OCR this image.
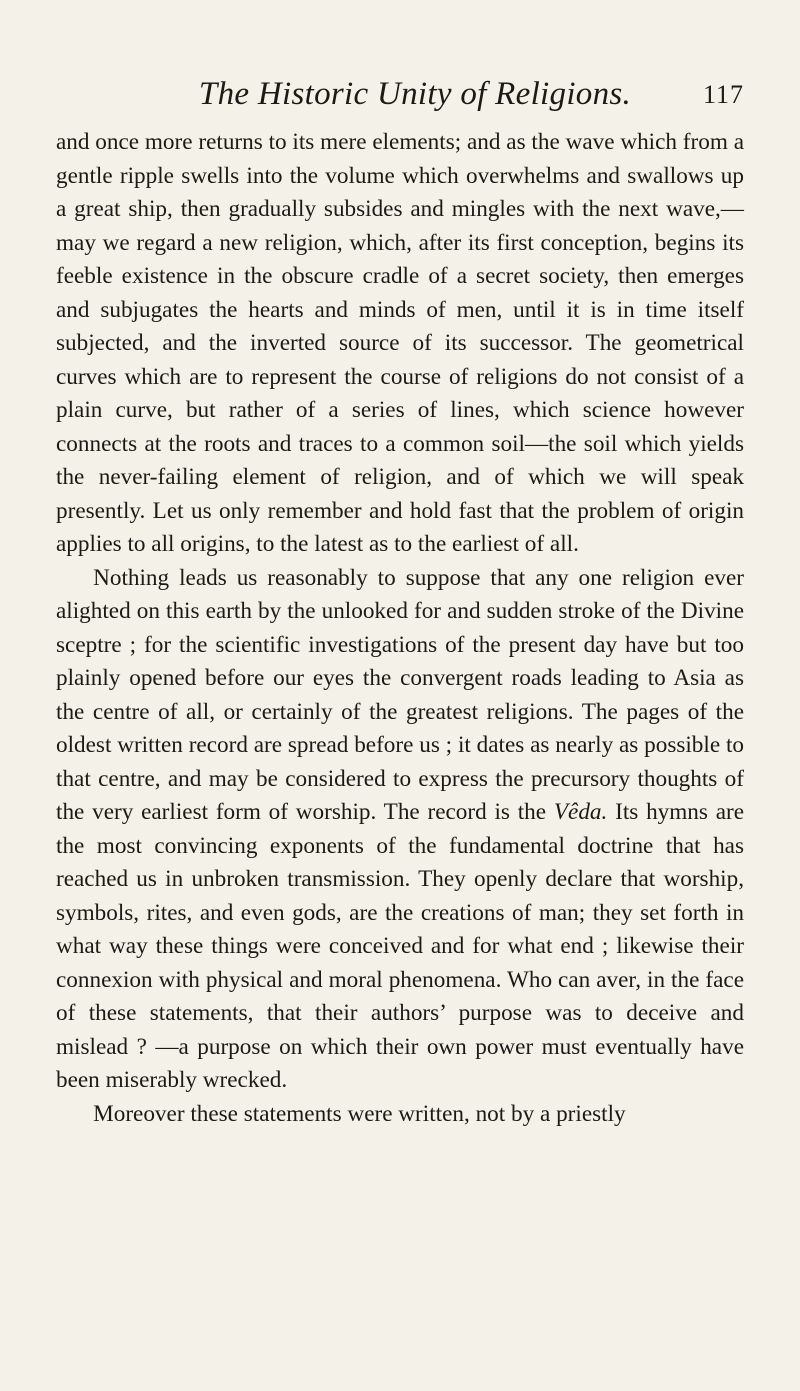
The Historic Unity of Religions.	117

and once more returns to its mere elements; and as the wave which from a gentle ripple swells into the volume which overwhelms and swallows up a great ship, then gradually subsides and mingles with the next wave,—may we regard a new religion, which, after its first conception, begins its feeble existence in the obscure cradle of a secret society, then emerges and subjugates the hearts and minds of men, until it is in time itself subjected, and the inverted source of its successor. The geometrical curves which are to represent the course of religions do not consist of a plain curve, but rather of a series of lines, which science however connects at the roots and traces to a common soil—the soil which yields the never-failing element of religion, and of which we will speak presently. Let us only remember and hold fast that the problem of origin applies to all origins, to the latest as to the earliest of all.

Nothing leads us reasonably to suppose that any one religion ever alighted on this earth by the unlooked for and sudden stroke of the Divine sceptre ; for the scientific investigations of the present day have but too plainly opened before our eyes the convergent roads leading to Asia as the centre of all, or certainly of the greatest religions. The pages of the oldest written record are spread before us ; it dates as nearly as possible to that centre, and may be considered to express the precursory thoughts of the very earliest form of worship. The record is the Vêda. Its hymns are the most convincing exponents of the fundamental doctrine that has reached us in unbroken transmission. They openly declare that worship, symbols, rites, and even gods, are the creations of man; they set forth in what way these things were conceived and for what end ; likewise their connexion with physical and moral phenomena. Who can aver, in the face of these statements, that their authors’ purpose was to deceive and mislead ? —a purpose on which their own power must eventually have been miserably wrecked.

Moreover these statements were written, not by a priestly
